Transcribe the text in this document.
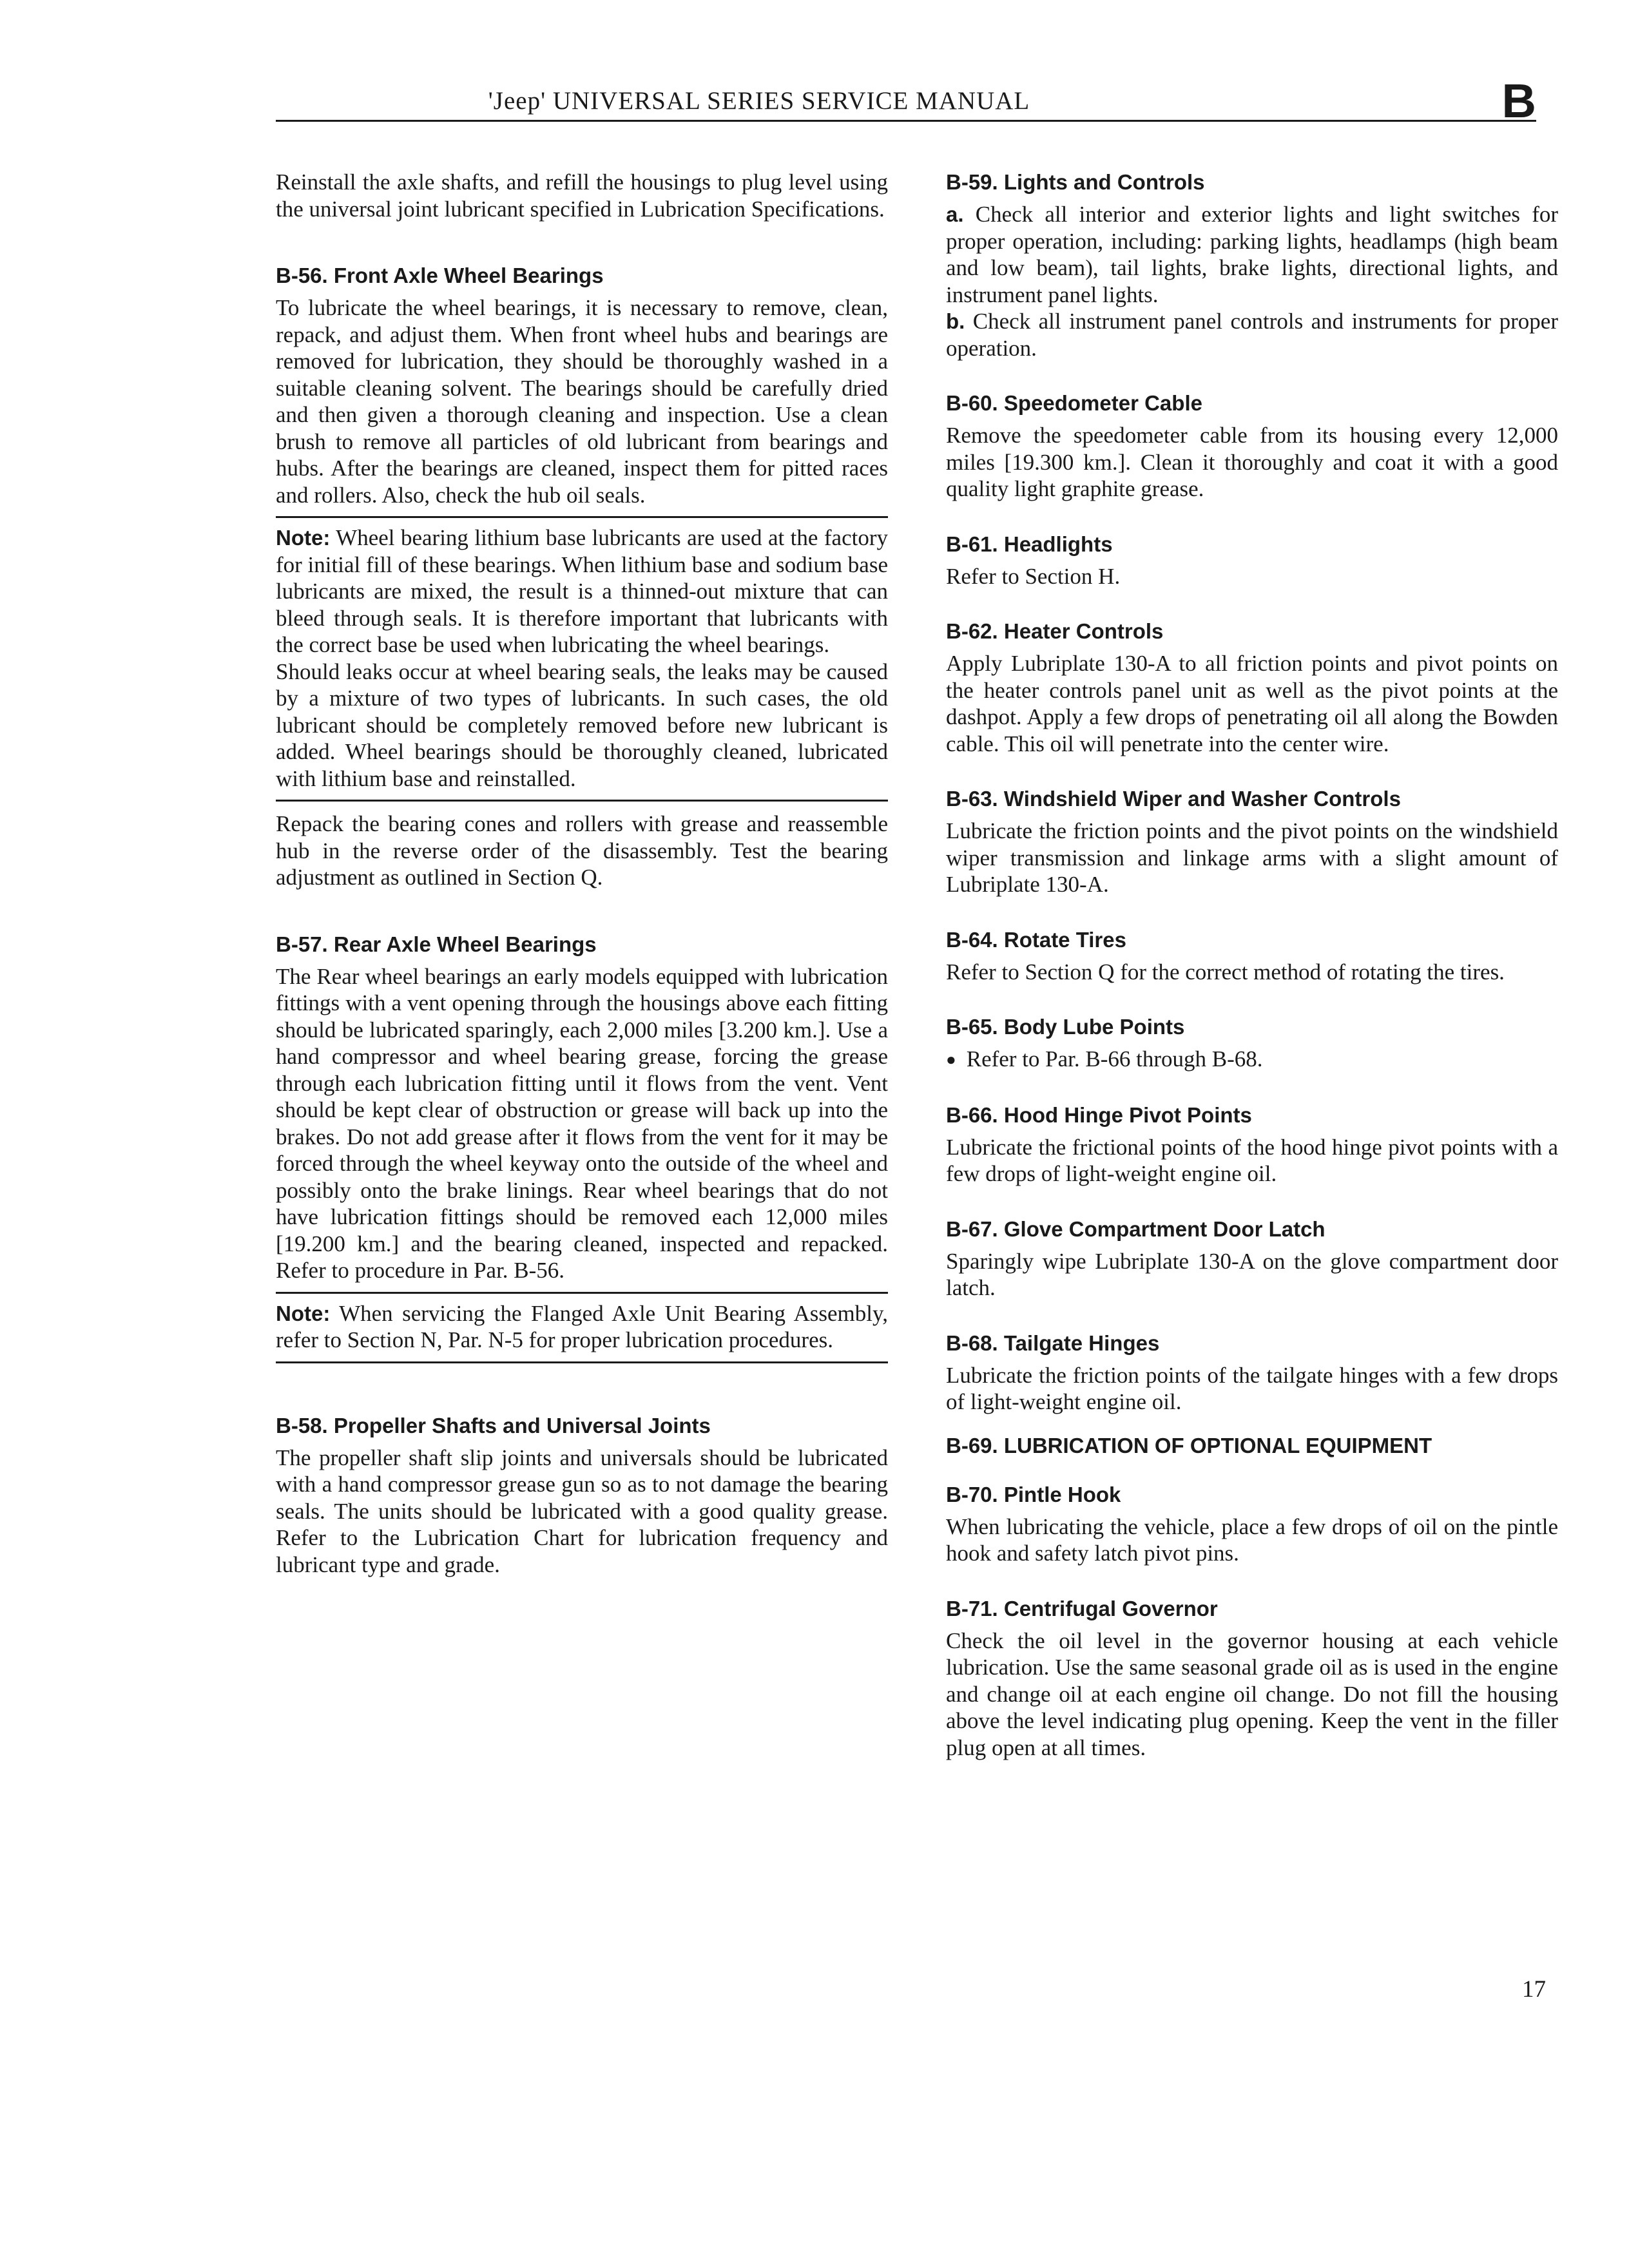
'Jeep' UNIVERSAL SERIES SERVICE MANUAL	B

Reinstall the axle shafts, and refill the housings to plug level using the universal joint lubricant specified in Lubrication Specifications.

B-56. Front Axle Wheel Bearings

To lubricate the wheel bearings, it is necessary to remove, clean, repack, and adjust them. When front wheel hubs and bearings are removed for lubrication, they should be thoroughly washed in a suitable cleaning solvent. The bearings should be carefully dried and then given a thorough cleaning and inspection. Use a clean brush to remove all particles of old lubricant from bearings and hubs. After the bearings are cleaned, inspect them for pitted races and rollers. Also, check the hub oil seals.

Note: Wheel bearing lithium base lubricants are used at the factory for initial fill of these bearings. When lithium base and sodium base lubricants are mixed, the result is a thinned-out mixture that can bleed through seals. It is therefore important that lubricants with the correct base be used when lubricating the wheel bearings.

Should leaks occur at wheel bearing seals, the leaks may be caused by a mixture of two types of lubricants. In such cases, the old lubricant should be completely removed before new lubricant is added. Wheel bearings should be thoroughly cleaned, lubricated with lithium base and reinstalled.

Repack the bearing cones and rollers with grease and reassemble hub in the reverse order of the disassembly. Test the bearing adjustment as outlined in Section Q.

B-57. Rear Axle Wheel Bearings

The Rear wheel bearings an early models equipped with lubrication fittings with a vent opening through the housings above each fitting should be lubricated sparingly, each 2,000 miles [3.200 km.]. Use a hand compressor and wheel bearing grease, forcing the grease through each lubrication fitting until it flows from the vent. Vent should be kept clear of obstruction or grease will back up into the brakes. Do not add grease after it flows from the vent for it may be forced through the wheel keyway onto the outside of the wheel and possibly onto the brake linings. Rear wheel bearings that do not have lubrication fittings should be removed each 12,000 miles [19.200 km.] and the bearing cleaned, inspected and repacked. Refer to procedure in Par. B-56.

Note: When servicing the Flanged Axle Unit Bearing Assembly, refer to Section N, Par. N-5 for proper lubrication procedures.

B-58. Propeller Shafts and Universal Joints

The propeller shaft slip joints and universals should be lubricated with a hand compressor grease gun so as to not damage the bearing seals. The units should be lubricated with a good quality grease. Refer to the Lubrication Chart for lubrication frequency and lubricant type and grade.

B-59. Lights and Controls

a. Check all interior and exterior lights and light switches for proper operation, including: parking lights, headlamps (high beam and low beam), tail lights, brake lights, directional lights, and instrument panel lights.

b. Check all instrument panel controls and instruments for proper operation.

B-60. Speedometer Cable

Remove the speedometer cable from its housing every 12,000 miles [19.300 km.]. Clean it thoroughly and coat it with a good quality light graphite grease.

B-61. Headlights

Refer to Section H.

B-62. Heater Controls

Apply Lubriplate 130-A to all friction points and pivot points on the heater controls panel unit as well as the pivot points at the dashpot. Apply a few drops of penetrating oil all along the Bowden cable. This oil will penetrate into the center wire.

B-63. Windshield Wiper and Washer Controls

Lubricate the friction points and the pivot points on the windshield wiper transmission and linkage arms with a slight amount of Lubriplate 130-A.

B-64. Rotate Tires

Refer to Section Q for the correct method of rotating the tires.

B-65. Body Lube Points
● Refer to Par. B-66 through B-68.
B-66. Hood Hinge Pivot Points

Lubricate the frictional points of the hood hinge pivot points with a few drops of light-weight engine oil.

B-67. Glove Compartment Door Latch

Sparingly wipe Lubriplate 130-A on the glove compartment door latch.

B-68. Tailgate Hinges

Lubricate the friction points of the tailgate hinges with a few drops of light-weight engine oil.

B-69. LUBRICATION OF OPTIONAL EQUIPMENT
B-70. Pintle Hook

When lubricating the vehicle, place a few drops of oil on the pintle hook and safety latch pivot pins.

B-71. Centrifugal Governor

Check the oil level in the governor housing at each vehicle lubrication. Use the same seasonal grade oil as is used in the engine and change oil at each engine oil change. Do not fill the housing above the level indicating plug opening. Keep the vent in the filler plug open at all times.

17
